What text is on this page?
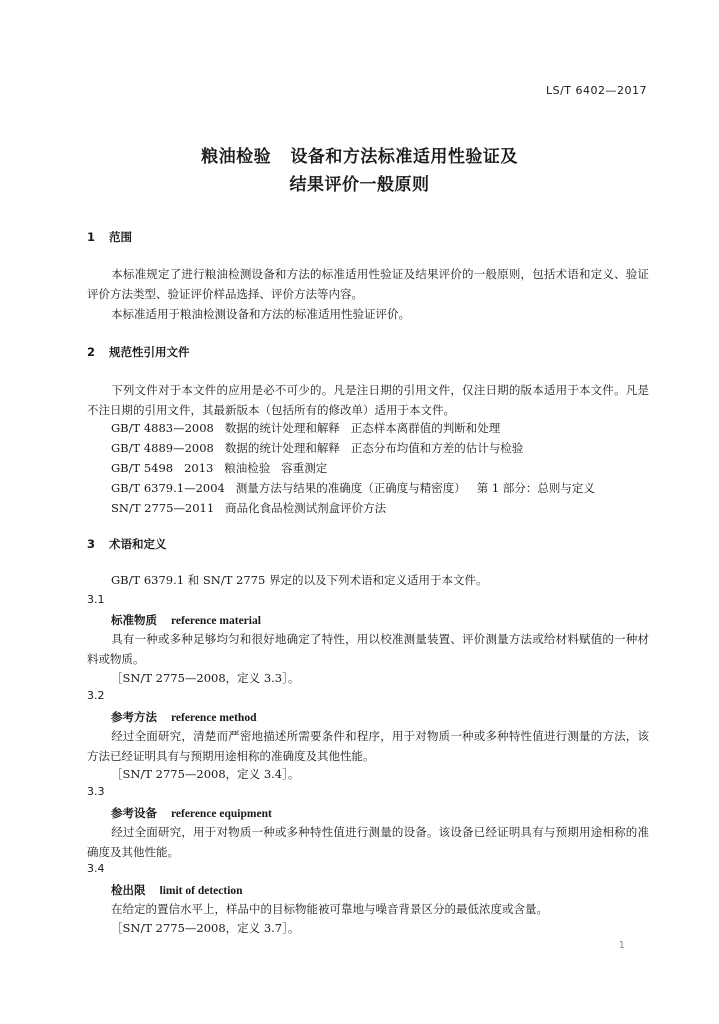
LS/T 6402—2017
粮油检验   设备和方法标准适用性验证及
结果评价一般原则
1 范围
本标准规定了进行粮油检测设备和方法的标准适用性验证及结果评价的一般原则，包括术语和定义、验证评价方法类型、验证评价样品选择、评价方法等内容。
本标准适用于粮油检测设备和方法的标准适用性验证评价。
2 规范性引用文件
下列文件对于本文件的应用是必不可少的。凡是注日期的引用文件，仅注日期的版本适用于本文件。凡是不注日期的引用文件，其最新版本（包括所有的修改单）适用于本文件。
GB/T 4883—2008   数据的统计处理和解释   正态样本离群值的判断和处理
GB/T 4889—2008   数据的统计处理和解释   正态分布均值和方差的估计与检验
GB/T 5498   2013   粮油检验   容重测定
GB/T 6379.1—2004   测量方法与结果的准确度（正确度与精密度）   第 1 部分：总则与定义
SN/T 2775—2011   商品化食品检测试剂盒评价方法
3 术语和定义
GB/T 6379.1 和 SN/T 2775 界定的以及下列术语和定义适用于本文件。
3.1
标准物质 reference material
具有一种或多种足够均匀和很好地确定了特性，用以校准测量装置、评价测量方法或给材料赋值的一种材料或物质。
［SN/T 2775—2008，定义 3.3］。
3.2
参考方法 reference method
经过全面研究，清楚而严密地描述所需要条件和程序，用于对物质一种或多种特性值进行测量的方法，该方法已经证明具有与预期用途相称的准确度及其他性能。
［SN/T 2775—2008，定义 3.4］。
3.3
参考设备 reference equipment
经过全面研究，用于对物质一种或多种特性值进行测量的设备。该设备已经证明具有与预期用途相称的准确度及其他性能。
3.4
检出限 limit of detection
在给定的置信水平上，样品中的目标物能被可靠地与噪音背景区分的最低浓度或含量。
［SN/T 2775—2008，定义 3.7］。
1
